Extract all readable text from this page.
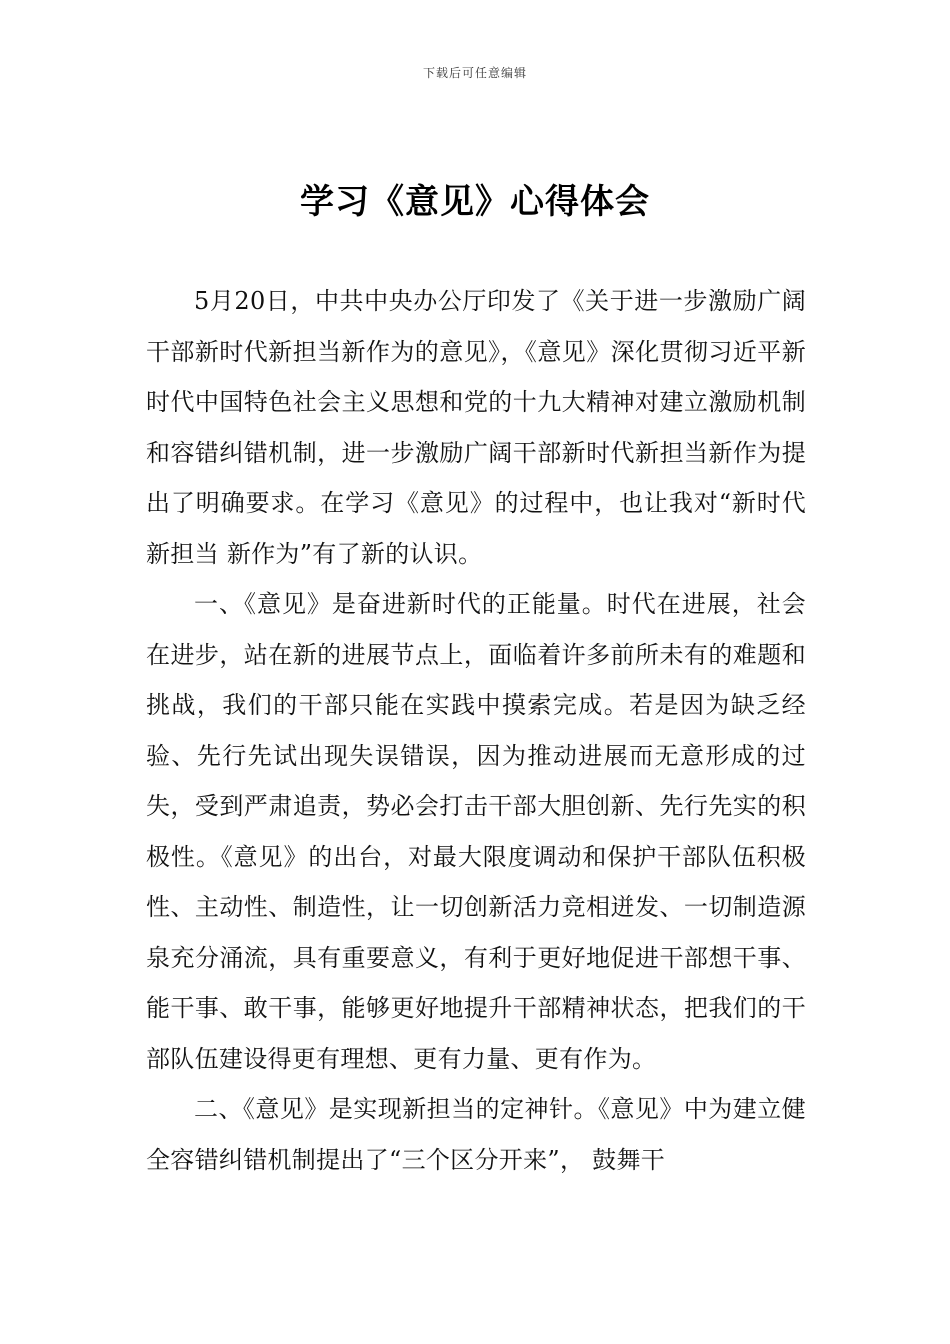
下载后可任意编辑
学习《意见》心得体会

5月20日，中共中央办公厅印发了《关于进一步激励广阔干部新时代新担当新作为的意见》，《意见》深化贯彻习近平新时代中国特色社会主义思想和党的十九大精神对建立激励机制和容错纠错机制，进一步激励广阔干部新时代新担当新作为提出了明确要求。在学习《意见》的过程中，也让我对“新时代 新担当 新作为”有了新的认识。

一、《意见》是奋进新时代的正能量。时代在进展，社会在进步，站在新的进展节点上，面临着许多前所未有的难题和挑战，我们的干部只能在实践中摸索完成。若是因为缺乏经验、先行先试出现失误错误，因为推动进展而无意形成的过失，受到严肃追责，势必会打击干部大胆创新、先行先实的积极性。《意见》的出台，对最大限度调动和保护干部队伍积极性、主动性、制造性，让一切创新活力竞相迸发、一切制造源泉充分涌流，具有重要意义，有利于更好地促进干部想干事、能干事、敢干事，能够更好地提升干部精神状态，把我们的干部队伍建设得更有理想、更有力量、更有作为。

二、《意见》是实现新担当的定神针。《意见》中为建立健全容错纠错机制提出了“三个区分开来”， 鼓舞干
